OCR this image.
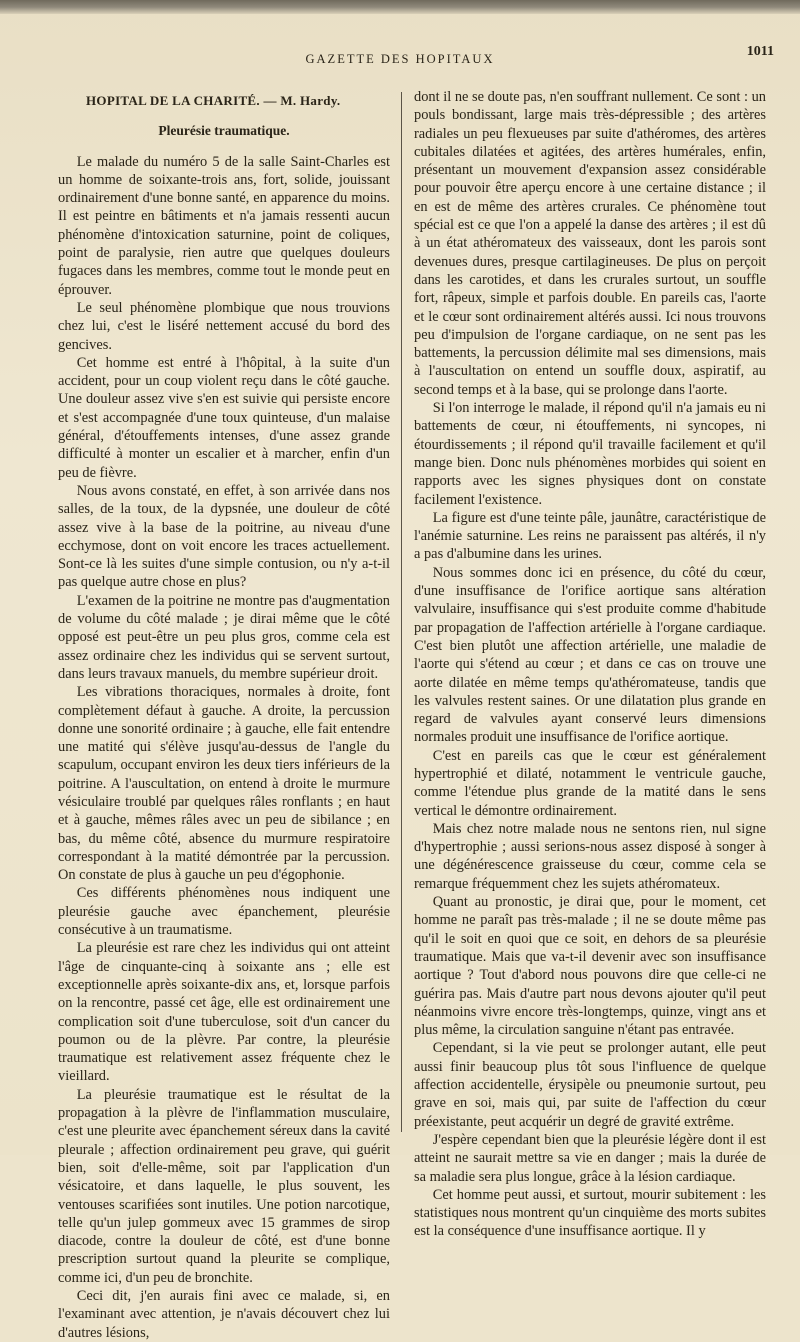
GAZETTE DES HOPITAUX	1011
HOPITAL DE LA CHARITÉ. — M. Hardy.
Pleurésie traumatique.

Le malade du numéro 5 de la salle Saint-Charles est un homme de soixante-trois ans, fort, solide, jouissant ordinairement d'une bonne santé, en apparence du moins. Il est peintre en bâtiments et n'a jamais ressenti aucun phénomène d'intoxication saturnine, point de coliques, point de paralysie, rien autre que quelques douleurs fugaces dans les membres, comme tout le monde peut en éprouver.

Le seul phénomène plombique que nous trouvions chez lui, c'est le liséré nettement accusé du bord des gencives.

Cet homme est entré à l'hôpital, à la suite d'un accident, pour un coup violent reçu dans le côté gauche. Une douleur assez vive s'en est suivie qui persiste encore et s'est accompagnée d'une toux quinteuse, d'un malaise général, d'étouffements intenses, d'une assez grande difficulté à monter un escalier et à marcher, enfin d'un peu de fièvre.

Nous avons constaté, en effet, à son arrivée dans nos salles, de la toux, de la dypsnée, une douleur de côté assez vive à la base de la poitrine, au niveau d'une ecchymose, dont on voit encore les traces actuellement. Sont-ce là les suites d'une simple contusion, ou n'y a-t-il pas quelque autre chose en plus?

L'examen de la poitrine ne montre pas d'augmentation de volume du côté malade ; je dirai même que le côté opposé est peut-être un peu plus gros, comme cela est assez ordinaire chez les individus qui se servent surtout, dans leurs travaux manuels, du membre supérieur droit.

Les vibrations thoraciques, normales à droite, font complètement défaut à gauche. A droite, la percussion donne une sonorité ordinaire ; à gauche, elle fait entendre une matité qui s'élève jusqu'au-dessus de l'angle du scapulum, occupant environ les deux tiers inférieurs de la poitrine. A l'auscultation, on entend à droite le murmure vésiculaire troublé par quelques râles ronflants ; en haut et à gauche, mêmes râles avec un peu de sibilance ; en bas, du même côté, absence du murmure respiratoire correspondant à la matité démontrée par la percussion. On constate de plus à gauche un peu d'égophonie.

Ces différents phénomènes nous indiquent une pleurésie gauche avec épanchement, pleurésie consécutive à un traumatisme.

La pleurésie est rare chez les individus qui ont atteint l'âge de cinquante-cinq à soixante ans ; elle est exceptionnelle après soixante-dix ans, et, lorsque parfois on la rencontre, passé cet âge, elle est ordinairement une complication soit d'une tuberculose, soit d'un cancer du poumon ou de la plèvre. Par contre, la pleurésie traumatique est relativement assez fréquente chez le vieillard.

La pleurésie traumatique est le résultat de la propagation à la plèvre de l'inflammation musculaire, c'est une pleurite avec épanchement séreux dans la cavité pleurale ; affection ordinairement peu grave, qui guérit bien, soit d'elle-même, soit par l'application d'un vésicatoire, et dans laquelle, le plus souvent, les ventouses scarifiées sont inutiles. Une potion narcotique, telle qu'un julep gommeux avec 15 grammes de sirop diacode, contre la douleur de côté, est d'une bonne prescription surtout quand la pleurite se complique, comme ici, d'un peu de bronchite.

Ceci dit, j'en aurais fini avec ce malade, si, en l'examinant avec attention, je n'avais découvert chez lui d'autres lésions,

dont il ne se doute pas, n'en souffrant nullement. Ce sont : un pouls bondissant, large mais très-dépressible ; des artères radiales un peu flexueuses par suite d'athéromes, des artères cubitales dilatées et agitées, des artères humérales, enfin, présentant un mouvement d'expansion assez considérable pour pouvoir être aperçu encore à une certaine distance ; il en est de même des artères crurales. Ce phénomène tout spécial est ce que l'on a appelé la danse des artères ; il est dû à un état athéromateux des vaisseaux, dont les parois sont devenues dures, presque cartilagineuses. De plus on perçoit dans les carotides, et dans les crurales surtout, un souffle fort, râpeux, simple et parfois double. En pareils cas, l'aorte et le cœur sont ordinairement altérés aussi. Ici nous trouvons peu d'impulsion de l'organe cardiaque, on ne sent pas les battements, la percussion délimite mal ses dimensions, mais à l'auscultation on entend un souffle doux, aspiratif, au second temps et à la base, qui se prolonge dans l'aorte.

Si l'on interroge le malade, il répond qu'il n'a jamais eu ni battements de cœur, ni étouffements, ni syncopes, ni étourdissements ; il répond qu'il travaille facilement et qu'il mange bien. Donc nuls phénomènes morbides qui soient en rapports avec les signes physiques dont on constate facilement l'existence.

La figure est d'une teinte pâle, jaunâtre, caractéristique de l'anémie saturnine. Les reins ne paraissent pas altérés, il n'y a pas d'albumine dans les urines.

Nous sommes donc ici en présence, du côté du cœur, d'une insuffisance de l'orifice aortique sans altération valvulaire, insuffisance qui s'est produite comme d'habitude par propagation de l'affection artérielle à l'organe cardiaque. C'est bien plutôt une affection artérielle, une maladie de l'aorte qui s'étend au cœur ; et dans ce cas on trouve une aorte dilatée en même temps qu'athéromateuse, tandis que les valvules restent saines. Or une dilatation plus grande en regard de valvules ayant conservé leurs dimensions normales produit une insuffisance de l'orifice aortique.

C'est en pareils cas que le cœur est généralement hypertrophié et dilaté, notamment le ventricule gauche, comme l'étendue plus grande de la matité dans le sens vertical le démontre ordinairement.

Mais chez notre malade nous ne sentons rien, nul signe d'hypertrophie ; aussi serions-nous assez disposé à songer à une dégénérescence graisseuse du cœur, comme cela se remarque fréquemment chez les sujets athéromateux.

Quant au pronostic, je dirai que, pour le moment, cet homme ne paraît pas très-malade ; il ne se doute même pas qu'il le soit en quoi que ce soit, en dehors de sa pleurésie traumatique. Mais que va-t-il devenir avec son insuffisance aortique ? Tout d'abord nous pouvons dire que celle-ci ne guérira pas. Mais d'autre part nous devons ajouter qu'il peut néanmoins vivre encore très-longtemps, quinze, vingt ans et plus même, la circulation sanguine n'étant pas entravée.

Cependant, si la vie peut se prolonger autant, elle peut aussi finir beaucoup plus tôt sous l'influence de quelque affection accidentelle, érysipèle ou pneumonie surtout, peu grave en soi, mais qui, par suite de l'affection du cœur préexistante, peut acquérir un degré de gravité extrême.

J'espère cependant bien que la pleurésie légère dont il est atteint ne saurait mettre sa vie en danger ; mais la durée de sa maladie sera plus longue, grâce à la lésion cardiaque.

Cet homme peut aussi, et surtout, mourir subitement : les statistiques nous montrent qu'un cinquième des morts subites est la conséquence d'une insuffisance aortique. Il y
